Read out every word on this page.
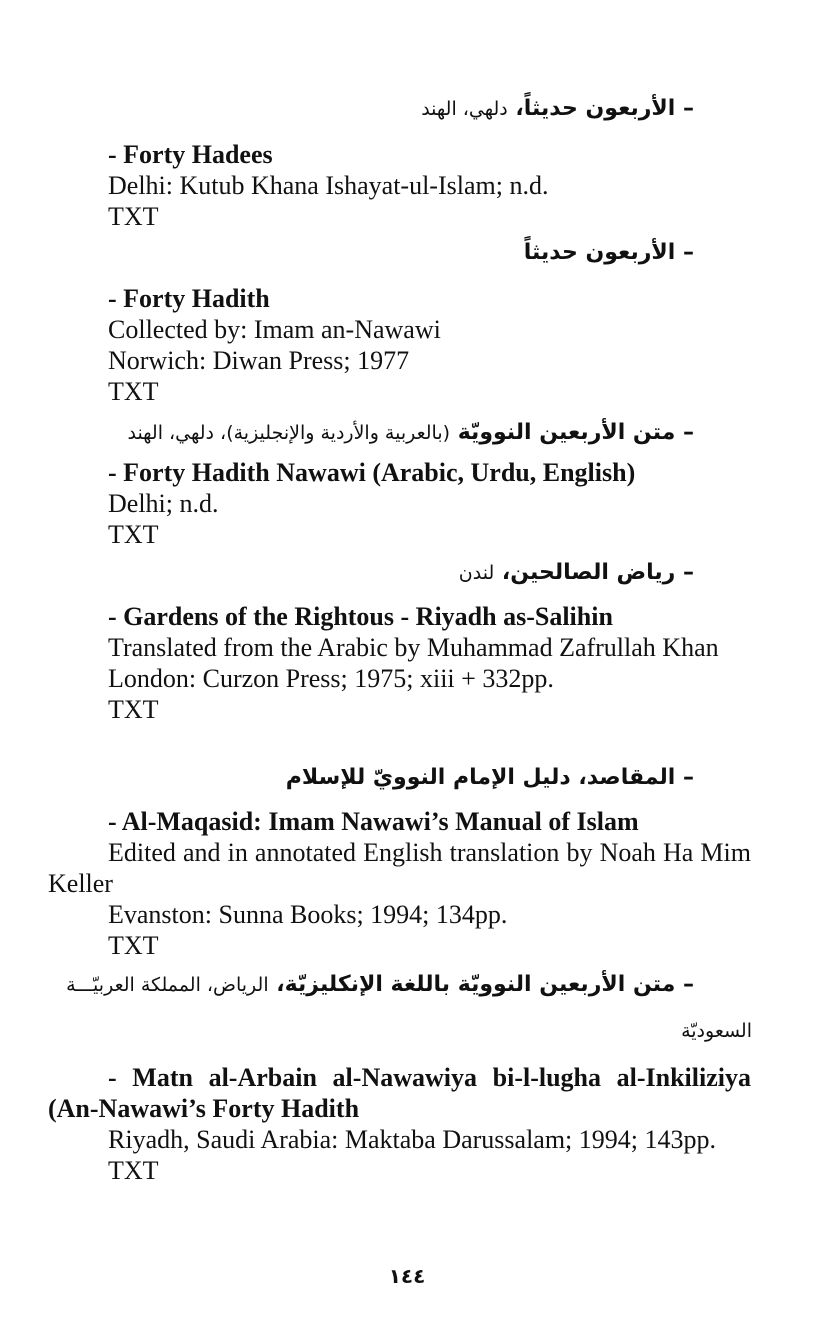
– الأربعون حديثاً، دلهي، الهند
- Forty Hadees
Delhi: Kutub Khana Ishayat-ul-Islam; n.d.
TXT
– الأربعون حديثاً
- Forty Hadith
Collected by: Imam an-Nawawi
Norwich: Diwan Press; 1977
TXT
– متن الأربعين النوويّة (بالعربية والأردية والإنجليزية)، دلهي، الهند
- Forty Hadith Nawawi (Arabic, Urdu, English)
Delhi; n.d.
TXT
– رياض الصالحين، لندن
- Gardens of the Rightous - Riyadh as-Salihin
Translated from the Arabic by Muhammad Zafrullah Khan
London: Curzon Press; 1975; xiii + 332pp.
TXT
– المقاصد، دليل الإمام النوويّ للإسلام
- Al-Maqasid: Imam Nawawi’s Manual of Islam
Edited and in annotated English translation by Noah Ha Mim Keller
Evanston: Sunna Books; 1994; 134pp.
TXT
– متن الأربعين النوويّة باللغة الإنكليزيّة، الرياض، المملكة العربيّـــة
السعوديّة
- Matn al-Arbain al-Nawawiya bi-l-lugha al-Inkiliziya (An-Nawawi’s Forty Hadith
Riyadh, Saudi Arabia: Maktaba Darussalam; 1994; 143pp.
TXT
١٤٤
